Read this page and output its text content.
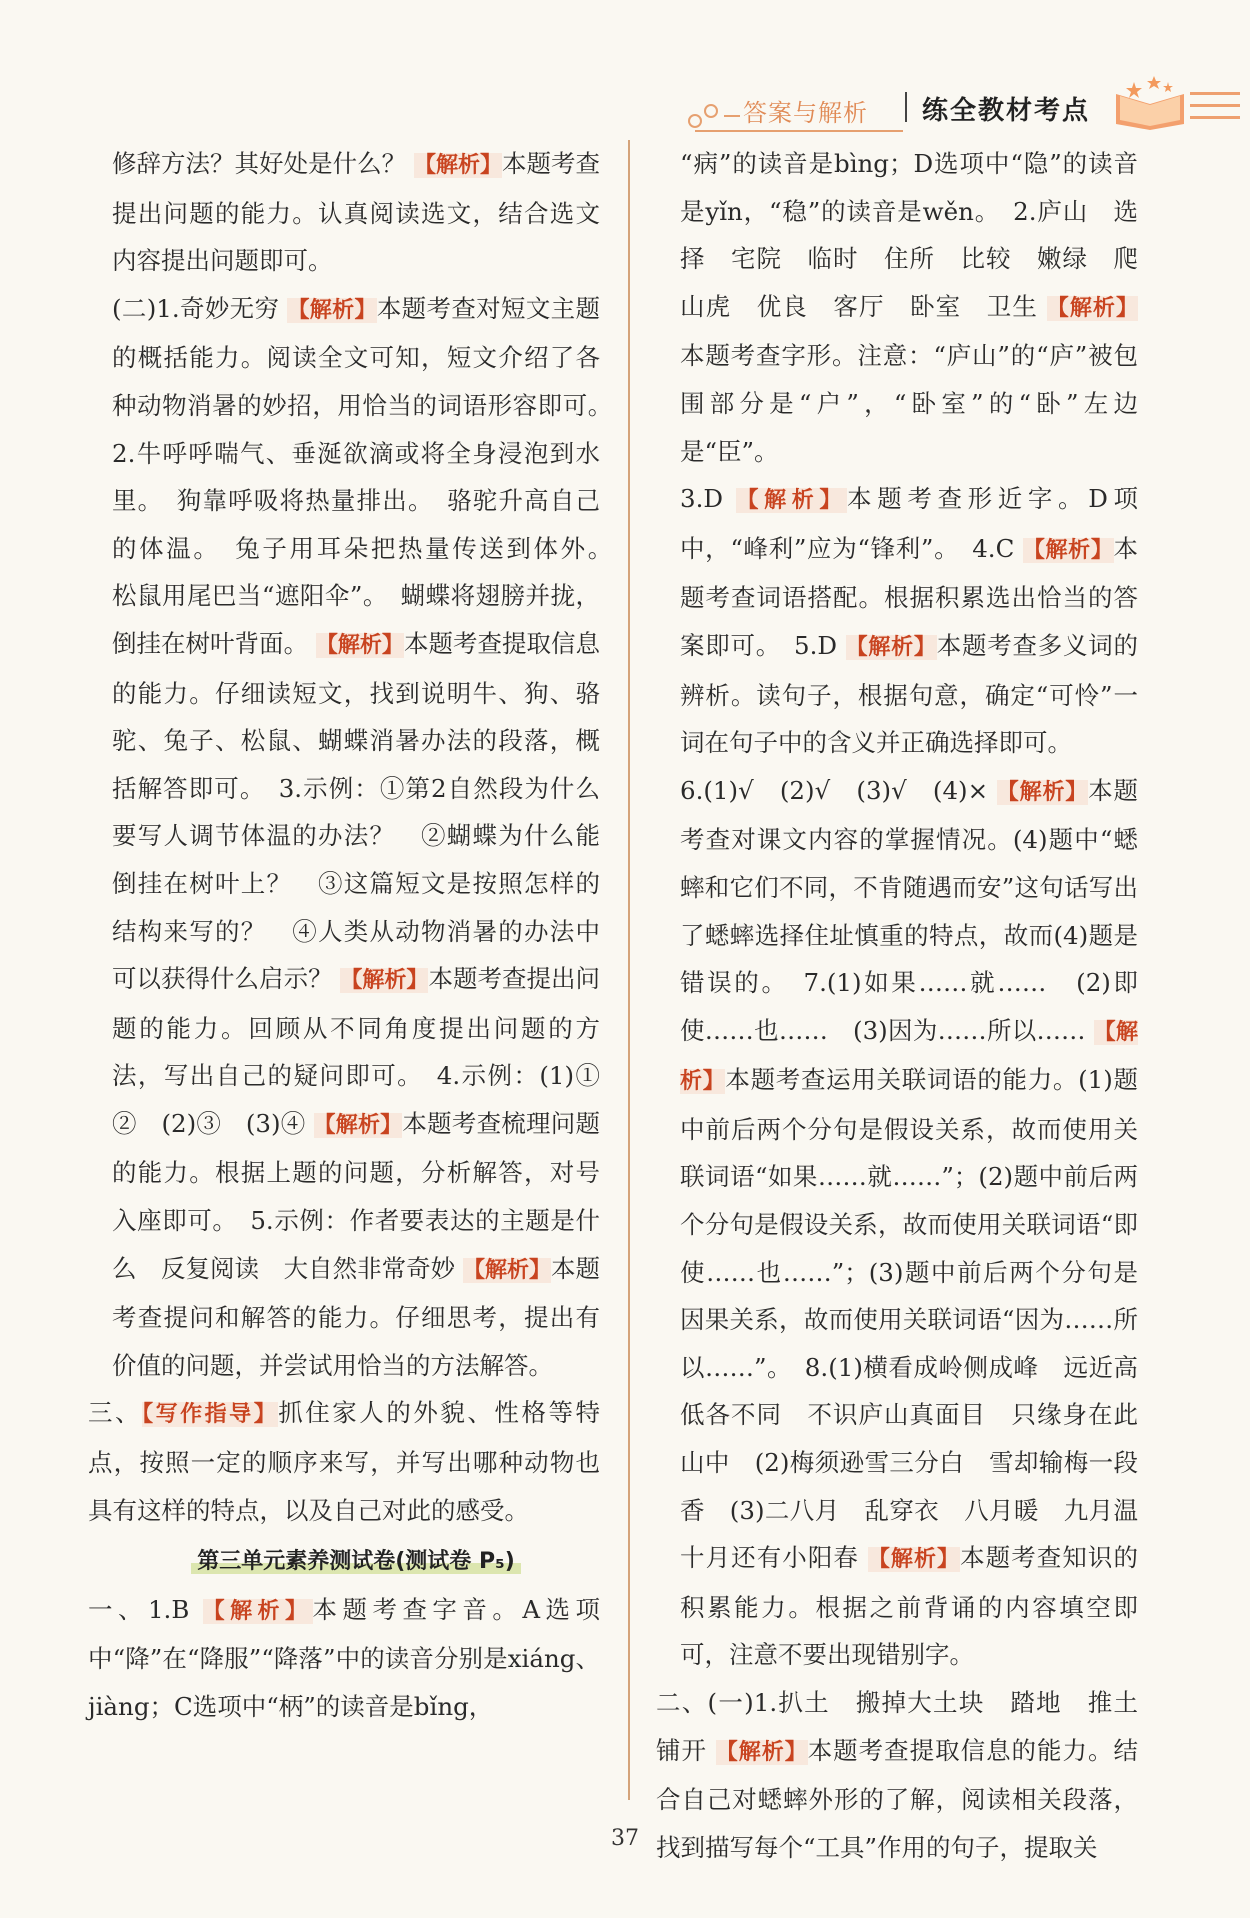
答案与解析 练全教材考点

修辞方法？其好处是什么？ 【解析】本题考查提出问题的能力。认真阅读选文，结合选文内容提出问题即可。

(二)1.奇妙无穷 【解析】本题考查对短文主题的概括能力。阅读全文可知，短文介绍了各种动物消暑的妙招，用恰当的词语形容即可。　2.牛呼呼喘气、垂涎欲滴或将全身浸泡到水里。　狗靠呼吸将热量排出。　骆驼升高自己的体温。　兔子用耳朵把热量传送到体外。　松鼠用尾巴当“遮阳伞”。　蝴蝶将翅膀并拢，倒挂在树叶背面。 【解析】本题考查提取信息的能力。仔细读短文，找到说明牛、狗、骆驼、兔子、松鼠、蝴蝶消暑办法的段落，概括解答即可。　3.示例：①第2自然段为什么要写人调节体温的办法？　②蝴蝶为什么能倒挂在树叶上？　③这篇短文是按照怎样的结构来写的？　④人类从动物消暑的办法中可以获得什么启示？ 【解析】本题考查提出问题的能力。回顾从不同角度提出问题的方法，写出自己的疑问即可。　4.示例：(1)①　②　(2)③　(3)④ 【解析】本题考查梳理问题的能力。根据上题的问题，分析解答，对号入座即可。　5.示例：作者要表达的主题是什么　反复阅读　大自然非常奇妙 【解析】本题考查提问和解答的能力。仔细思考，提出有价值的问题，并尝试用恰当的方法解答。

三、【写作指导】抓住家人的外貌、性格等特点，按照一定的顺序来写，并写出哪种动物也具有这样的特点，以及自己对此的感受。

第三单元素养测试卷(测试卷 P₅)

一、1.B 【解析】本题考查字音。A选项中“降”在“降服”“降落”中的读音分别是xiáng、jiàng；C选项中“柄”的读音是bǐng，

“病”的读音是bìng；D选项中“隐”的读音是yǐn，“稳”的读音是wěn。　2.庐山　选择　宅院　临时　住所　比较　嫩绿　爬山虎　优良　客厅　卧室　卫生 【解析】本题考查字形。注意：“庐山”的“庐”被包围部分是“户”，“卧室”的“卧”左边是“臣”。

3.D 【解析】本题考查形近字。D项中，“峰利”应为“锋利”。　4.C 【解析】本题考查词语搭配。根据积累选出恰当的答案即可。　5.D 【解析】本题考查多义词的辨析。读句子，根据句意，确定“可怜”一词在句子中的含义并正确选择即可。

6.(1)√　(2)√　(3)√　(4)× 【解析】本题考查对课文内容的掌握情况。(4)题中“蟋蟀和它们不同，不肯随遇而安”这句话写出了蟋蟀选择住址慎重的特点，故而(4)题是错误的。　7.(1)如果……就……　(2)即使……也……　(3)因为……所以…… 【解析】本题考查运用关联词语的能力。(1)题中前后两个分句是假设关系，故而使用关联词语“如果……就……”；(2)题中前后两个分句是假设关系，故而使用关联词语“即使……也……”；(3)题中前后两个分句是因果关系，故而使用关联词语“因为……所以……”。　8.(1)横看成岭侧成峰　远近高低各不同　不识庐山真面目　只缘身在此山中　(2)梅须逊雪三分白　雪却输梅一段香　(3)二八月　乱穿衣　八月暖　九月温　十月还有小阳春 【解析】本题考查知识的积累能力。根据之前背诵的内容填空即可，注意不要出现错别字。

二、(一)1.扒土　搬掉大土块　踏地　推土铺开 【解析】本题考查提取信息的能力。结合自己对蟋蟀外形的了解，阅读相关段落，找到描写每个“工具”作用的句子，提取关

37
